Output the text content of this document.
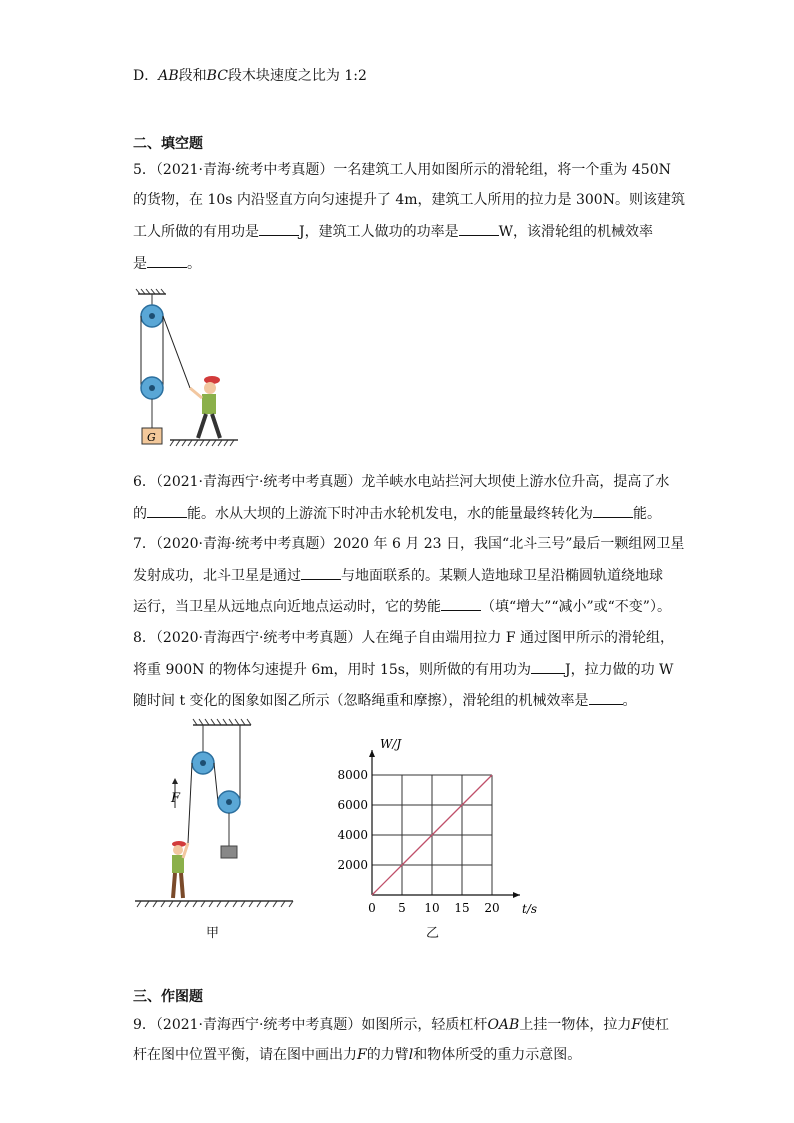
D．AB段和BC段木块速度之比为 1:2
二、填空题
5．（2021·青海·统考中考真题）一名建筑工人用如图所示的滑轮组，将一个重为 450N
的货物，在 10s 内沿竖直方向匀速提升了 4m，建筑工人所用的拉力是 300N。则该建筑
工人所做的有用功是	J，建筑工人做功的功率是	W，该滑轮组的机械效率
是	。
G
6．（2021·青海西宁·统考中考真题）龙羊峡水电站拦河大坝使上游水位升高，提高了水
的	能。水从大坝的上游流下时冲击水轮机发电，水的能量最终转化为	能。
7．（2020·青海·统考中考真题）2020 年 6 月 23 日，我国“北斗三号”最后一颗组网卫星
发射成功，北斗卫星是通过	与地面联系的。某颗人造地球卫星沿椭圆轨道绕地球
运行，当卫星从远地点向近地点运动时，它的势能	（填“增大”“减小”或“不变”）。
8．（2020·青海西宁·统考中考真题）人在绳子自由端用拉力 F 通过图甲所示的滑轮组，
将重 900N 的物体匀速提升 6m，用时 15s，则所做的有用功为 J，拉力做的功 W
随时间 t 变化的图象如图乙所示（忽略绳重和摩擦），滑轮组的机械效率是 。
F
甲
0 5 10 15 20
2000
4000
6000
8000
t/s
W/J
乙
三、作图题
9．（2021·青海西宁·统考中考真题）如图所示，轻质杠杆OAB上挂一物体，拉力F使杠
杆在图中位置平衡，请在图中画出力F的力臂l和物体所受的重力示意图。
